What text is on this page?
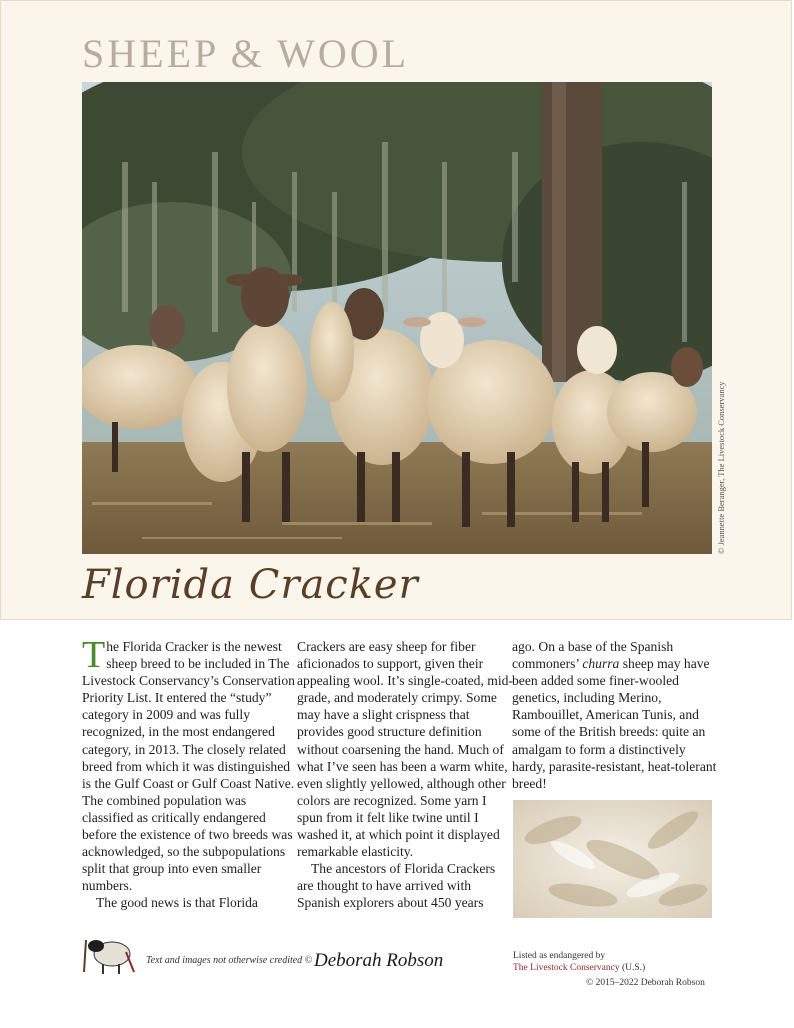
SHEEP & WOOL
© Jeannette Beranger, The Livestock Conservancy
Florida Cracker

The Florida Cracker is the newest sheep breed to be included in The Livestock Conservancy’s Conservation Priority List. It entered the “study” category in 2009 and was fully recognized, in the most endangered category, in 2013. The closely related breed from which it was distinguished is the Gulf Coast or Gulf Coast Native. The combined population was classified as critically endangered before the existence of two breeds was acknowledged, so the subpopulations split that group into even smaller numbers.

The good news is that Florida

Crackers are easy sheep for fiber aficionados to support, given their appealing wool. It’s single-coated, mid-grade, and moderately crimpy. Some may have a slight crispness that provides good structure definition without coarsening the hand. Much of what I’ve seen has been a warm white, even slightly yellowed, although other colors are recognized. Some yarn I spun from it felt like twine until I washed it, at which point it displayed remarkable elasticity.

The ancestors of Florida Crackers are thought to have arrived with Spanish explorers about 450 years

ago. On a base of the Spanish commoners’ churra sheep may have been added some finer-wooled genetics, including Merino, Rambouillet, American Tunis, and some of the British breeds: quite an amalgam to form a distinctively hardy, parasite-resistant, heat-tolerant breed!

Text and images not otherwise credited © Deborah Robson	Listed as endangered by
The Livestock Conservancy (U.S.)
© 2015–2022 Deborah Robson
